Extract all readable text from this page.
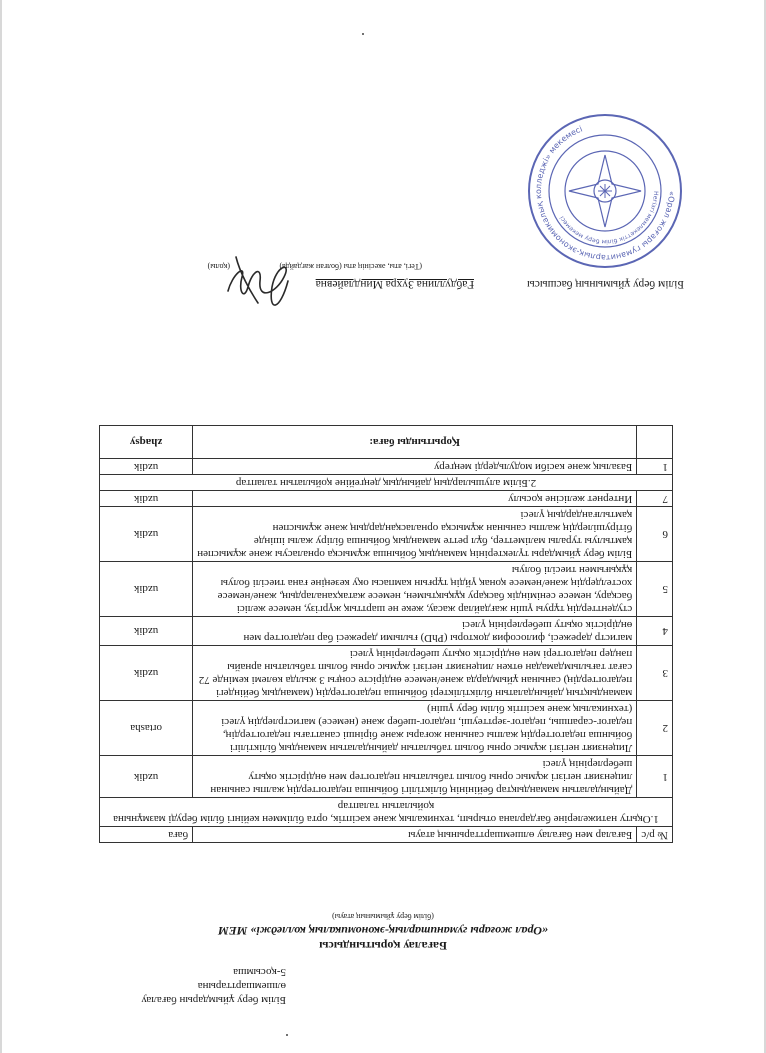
Білім беру ұйымдарын бағалау
өлшемшарттарына
5-қосымша
Бағалау қорытындысы
«Орал жоғары гуманитарлық-экономикалық колледжі» МЕМ
(білім беру ұйымының атауы)
№ р/с	Бағалар мен бағалау өлшемшарттарының атауы	баға
1.Оқыту нәтижелеріне бағдарлана отырып, техникалық және кәсіптік, орта біліммен кейінгі білім беруді мазмұнына қойылатын талаптар		
1	Дайындалатын мамандықтар бейінінің біліктілігі бойынша педагогтердің жалпы санынан лицензият негізгі жұмыс орны болып табылатын педагогтер мен өндірістік оқыту шеберлерінің үлесі	uzdik
2	Лицензият негізгі жұмыс орны болып табылатын дайындалатын мамандық біліктілігі бойынша педагогтердің жалпы санынан жоғары және бірінші санаттағы педагогтердің, педагог-сарапшы, педагог-зерттеуші, педагог-шебер және (немесе) магистрлердің үлесі (техникалық және кәсіптік білім беру үшін)	ortasha
3	мамандықтың дайындалатын біліктіліктері бойынша педагогтердің (мамандық бейіндегі педагогтердің) санынан ұйымдарда және/немесе өндірісте соңғы 3 жылда көлемі кемінде 72 сағат тағылымдамадан өткен лицензият негізгі жұмыс орны болып табылатын арнайы пәндер педагогтері мен өндірістік оқыту шеберлерінің үлесі	uzdik
4	магистр дәрежесі, философия докторы (PhD) ғылыми дәрежесі бар педагогтер мен өндірістік оқыту шеберлерінің үлесі	uzdik
5	студенттердің тұруы үшін жағдайлар жасау, жеке не шарттық жүргізу, немесе желісі басқару, немесе сеніміндік басқару құқықтымен, немесе жатақханалардың, және/немесе хостелдердің және/немесе қонақ үйдің тұрғын кампасы оқу кезеңіне ғана тиесілі болуы құқығымен тиесілі болуы	uzdik
6	Білім беру ұйымдары түлектерінің мамандық бойынша жұмысқа орналасуы және жұмыспен қамтылуы туралы мәліметтер, бұл ретте мамандық бойынша біліру жалы ішінде бітірушілердің жалпы санынан жұмысқа орналасқандардың және жұмыспен қамтылғандардың үлесі	uzdik
7	Интернет желісіне қосылу	uzdik
2.Білім алушылардың дайындық деңгейіне қойылатын талаптар		
1	Базалық және кәсіби модульдерді меңгеру	uzdik
	Қорытынды баға:	zhaqsy
Білім беру ұйымының басшысы
Ғабдуллина Зухра Миндлайевна
(Тегі, аты, әкесінің аты (болған жағдайда)
(қолы)
«Орал жоғары гуманитарлық-экономикалық колледжі» мекемесі
Негізгі мемлекеттік білім беру мекемесі
